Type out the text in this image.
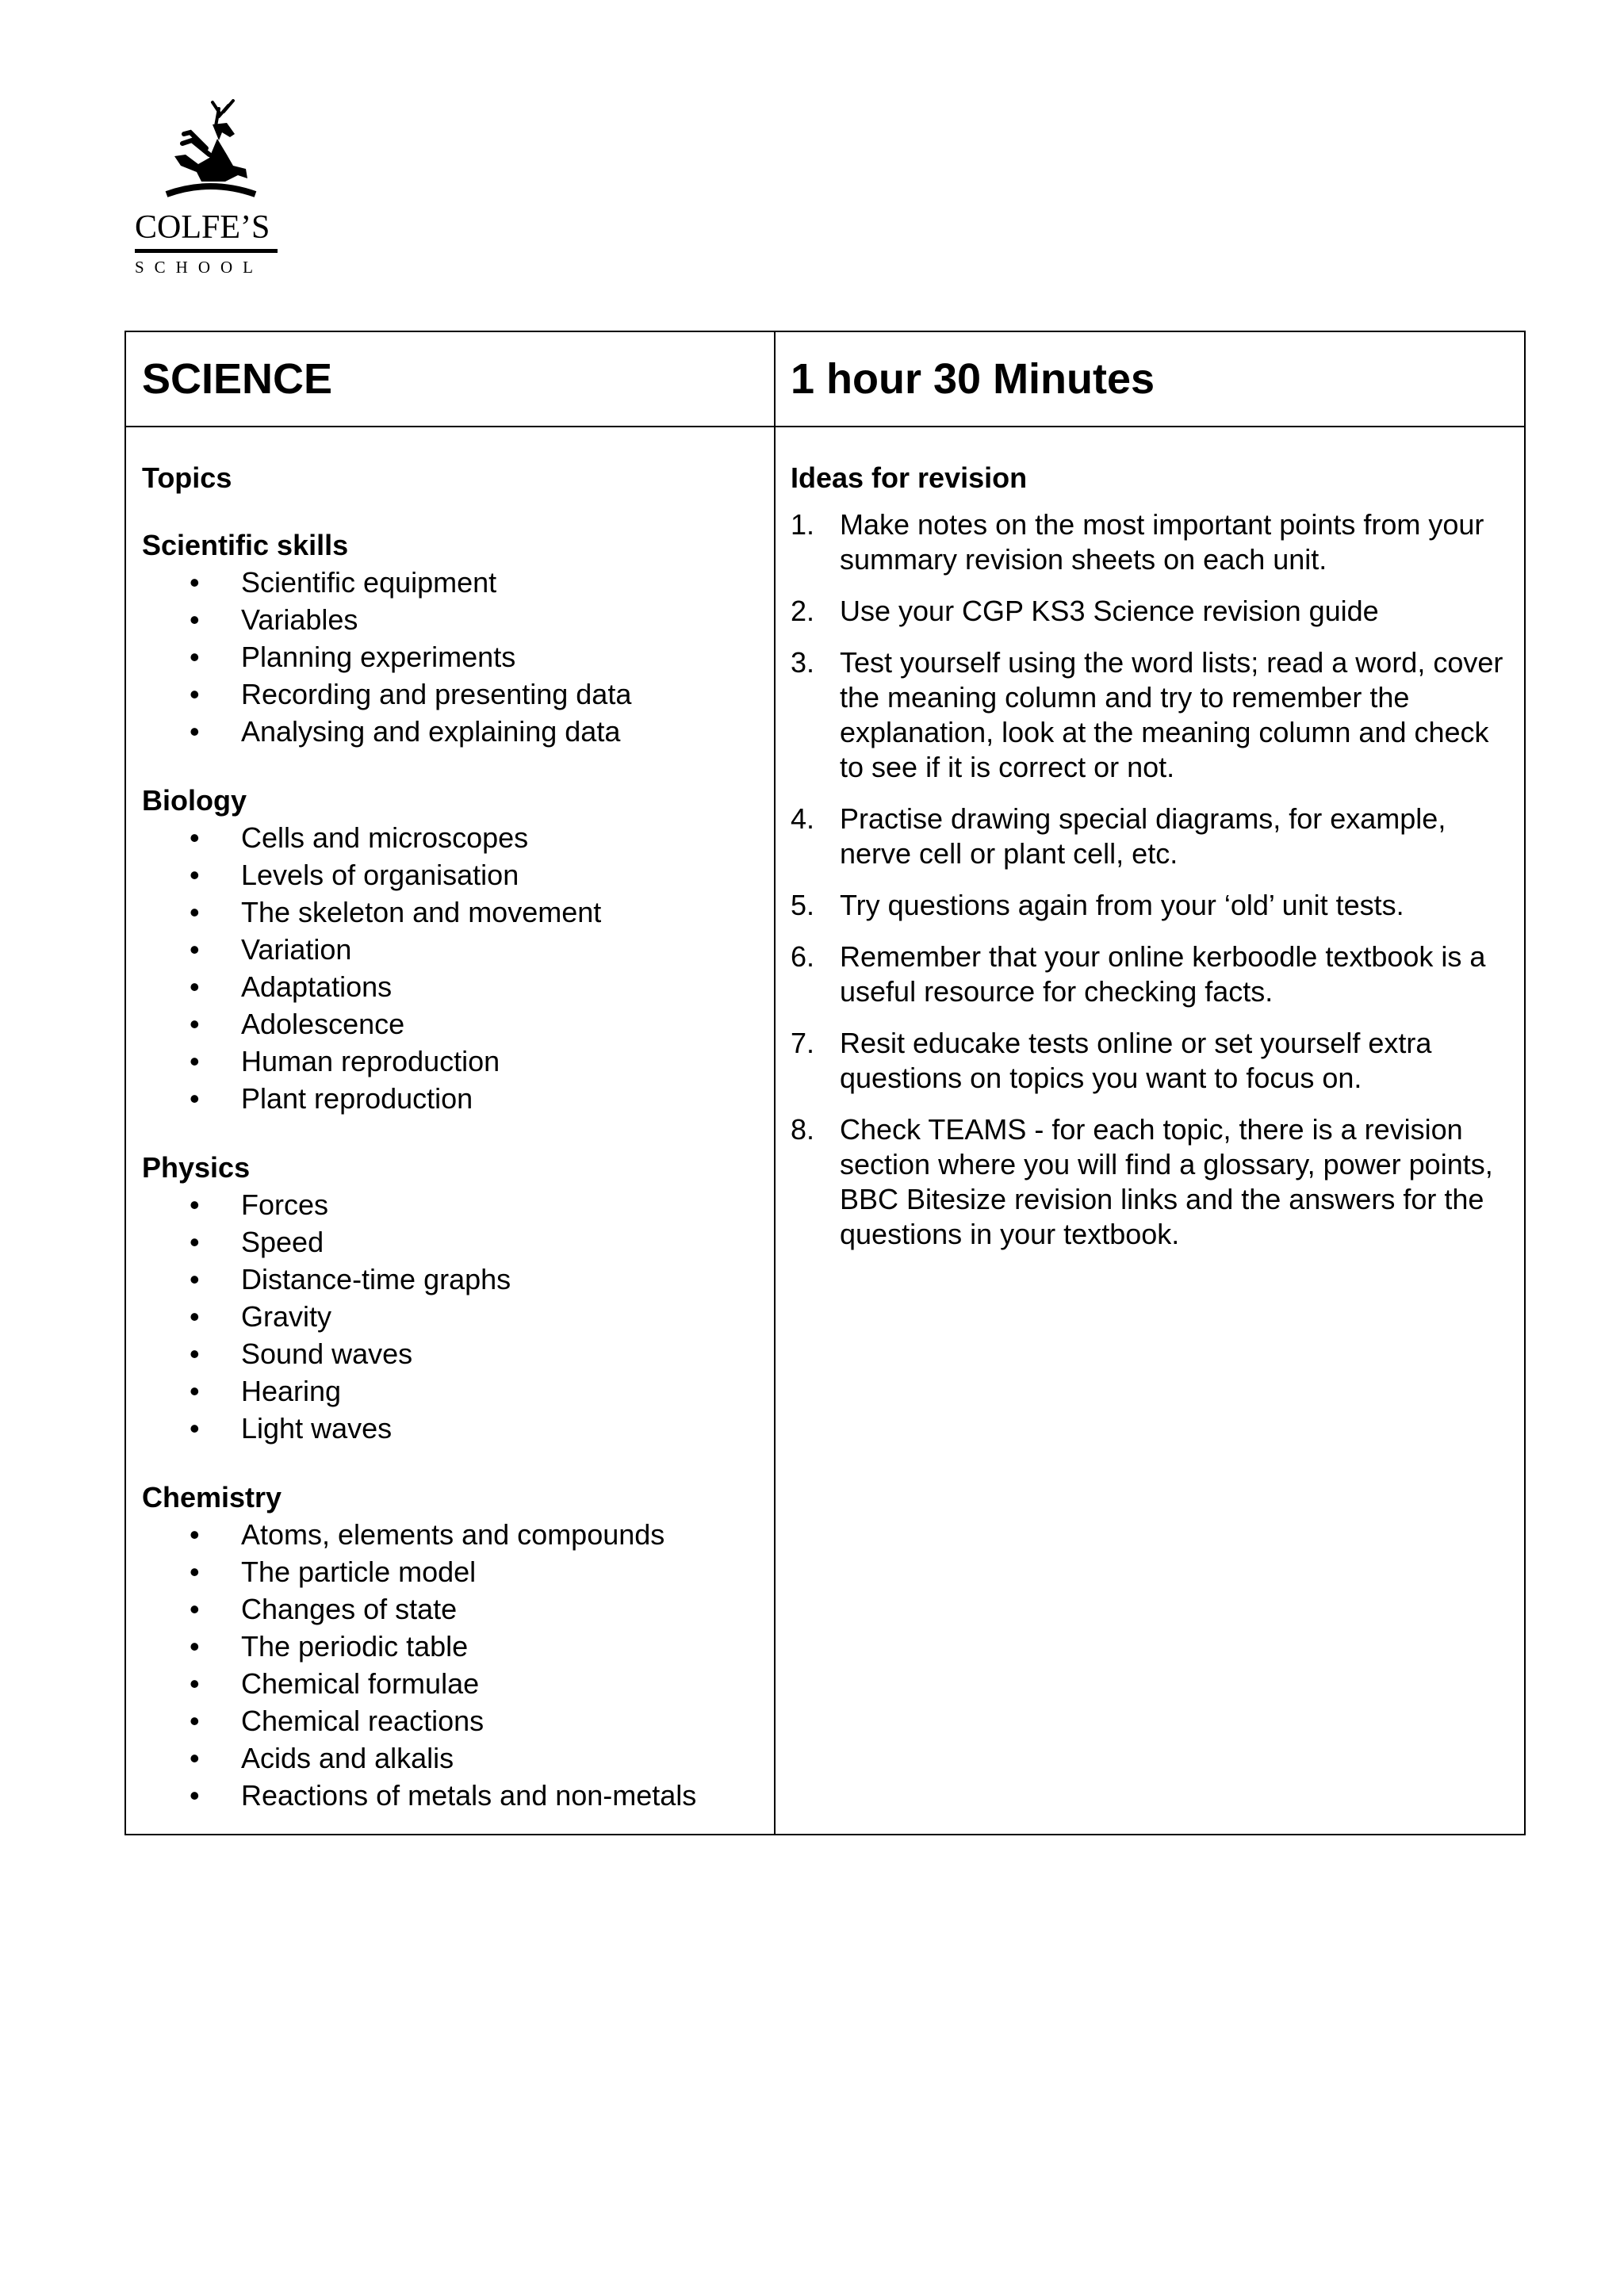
COLFE’S
SCHOOL
SCIENCE	1 hour 30 Minutes
Topics
Scientific skills
• Scientific equipment
• Variables
• Planning experiments
• Recording and presenting data
• Analysing and explaining data
Biology
• Cells and microscopes
• Levels of organisation
• The skeleton and movement
• Variation
• Adaptations
• Adolescence
• Human reproduction
• Plant reproduction
Physics
• Forces
• Speed
• Distance-time graphs
• Gravity
• Sound waves
• Hearing
• Light waves
Chemistry
• Atoms, elements and compounds
• The particle model
• Changes of state
• The periodic table
• Chemical formulae
• Chemical reactions
• Acids and alkalis
• Reactions of metals and non-metals
Ideas for revision
1. Make notes on the most important points from your summary revision sheets on each unit.
2. Use your CGP KS3 Science revision guide
3. Test yourself using the word lists; read a word, cover the meaning column and try to remember the explanation, look at the meaning column and check to see if it is correct or not.
4. Practise drawing special diagrams, for example, nerve cell or plant cell, etc.
5. Try questions again from your ‘old’ unit tests.
6. Remember that your online kerboodle textbook is a useful resource for checking facts.
7. Resit educake tests online or set yourself extra questions on topics you want to focus on.
8. Check TEAMS - for each topic, there is a revision section where you will find a glossary, power points, BBC Bitesize revision links and the answers for the questions in your textbook.
